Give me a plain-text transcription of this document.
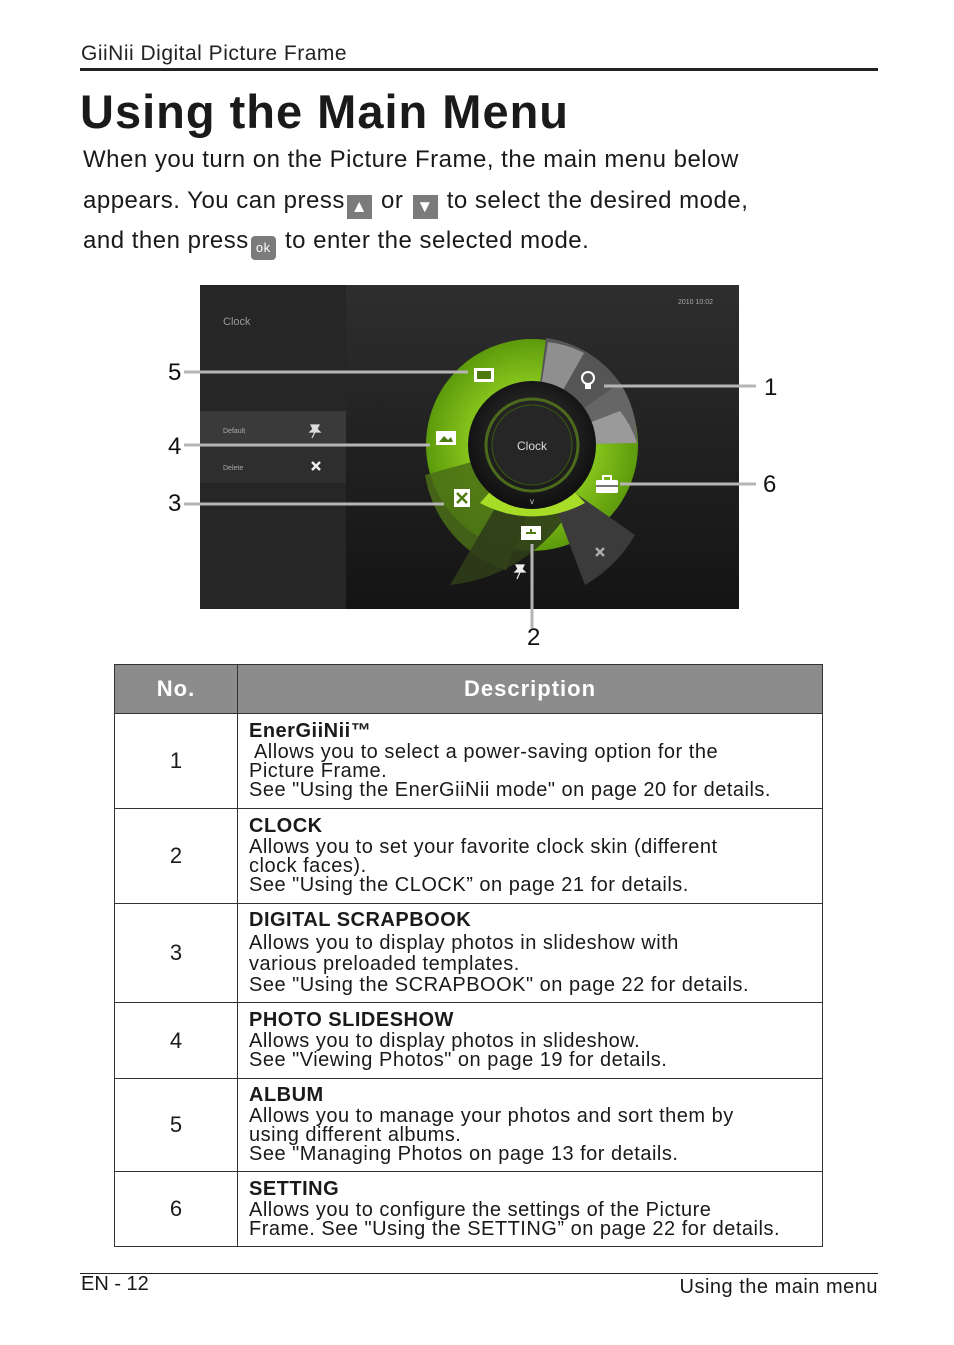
GiiNii Digital Picture Frame
Using the Main Menu

When you turn on the Picture Frame, the main menu below

appears. You can press ▲ or ▼ to select the desired mode,

and then press ok to enter the selected mode.

Clock
2010 10:02
Default
Delete
Clock
v
1
2
3
4
5
6
No.	Description
1	EnerGiiNii™
Allows you to select a power-saving option for the
Picture Frame.
See "Using the EnerGiiNii mode" on page 20 for details.

2	CLOCK
Allows you to set your favorite clock skin (different
clock faces).
See "Using the CLOCK” on page 21 for details.

3	DIGITAL SCRAPBOOK
Allows you to display photos in slideshow with
various preloaded templates.
See "Using the SCRAPBOOK" on page 22 for details.

4	PHOTO SLIDESHOW
Allows you to display photos in slideshow.
See "Viewing Photos" on page 19 for details.

5	ALBUM
Allows you to manage your photos and sort them by
using different albums.
See "Managing Photos on page 13 for details.

6	SETTING
Allows you to configure the settings of the Picture
Frame. See "Using the SETTING” on page 22 for details.
EN - 12	Using the main menu
